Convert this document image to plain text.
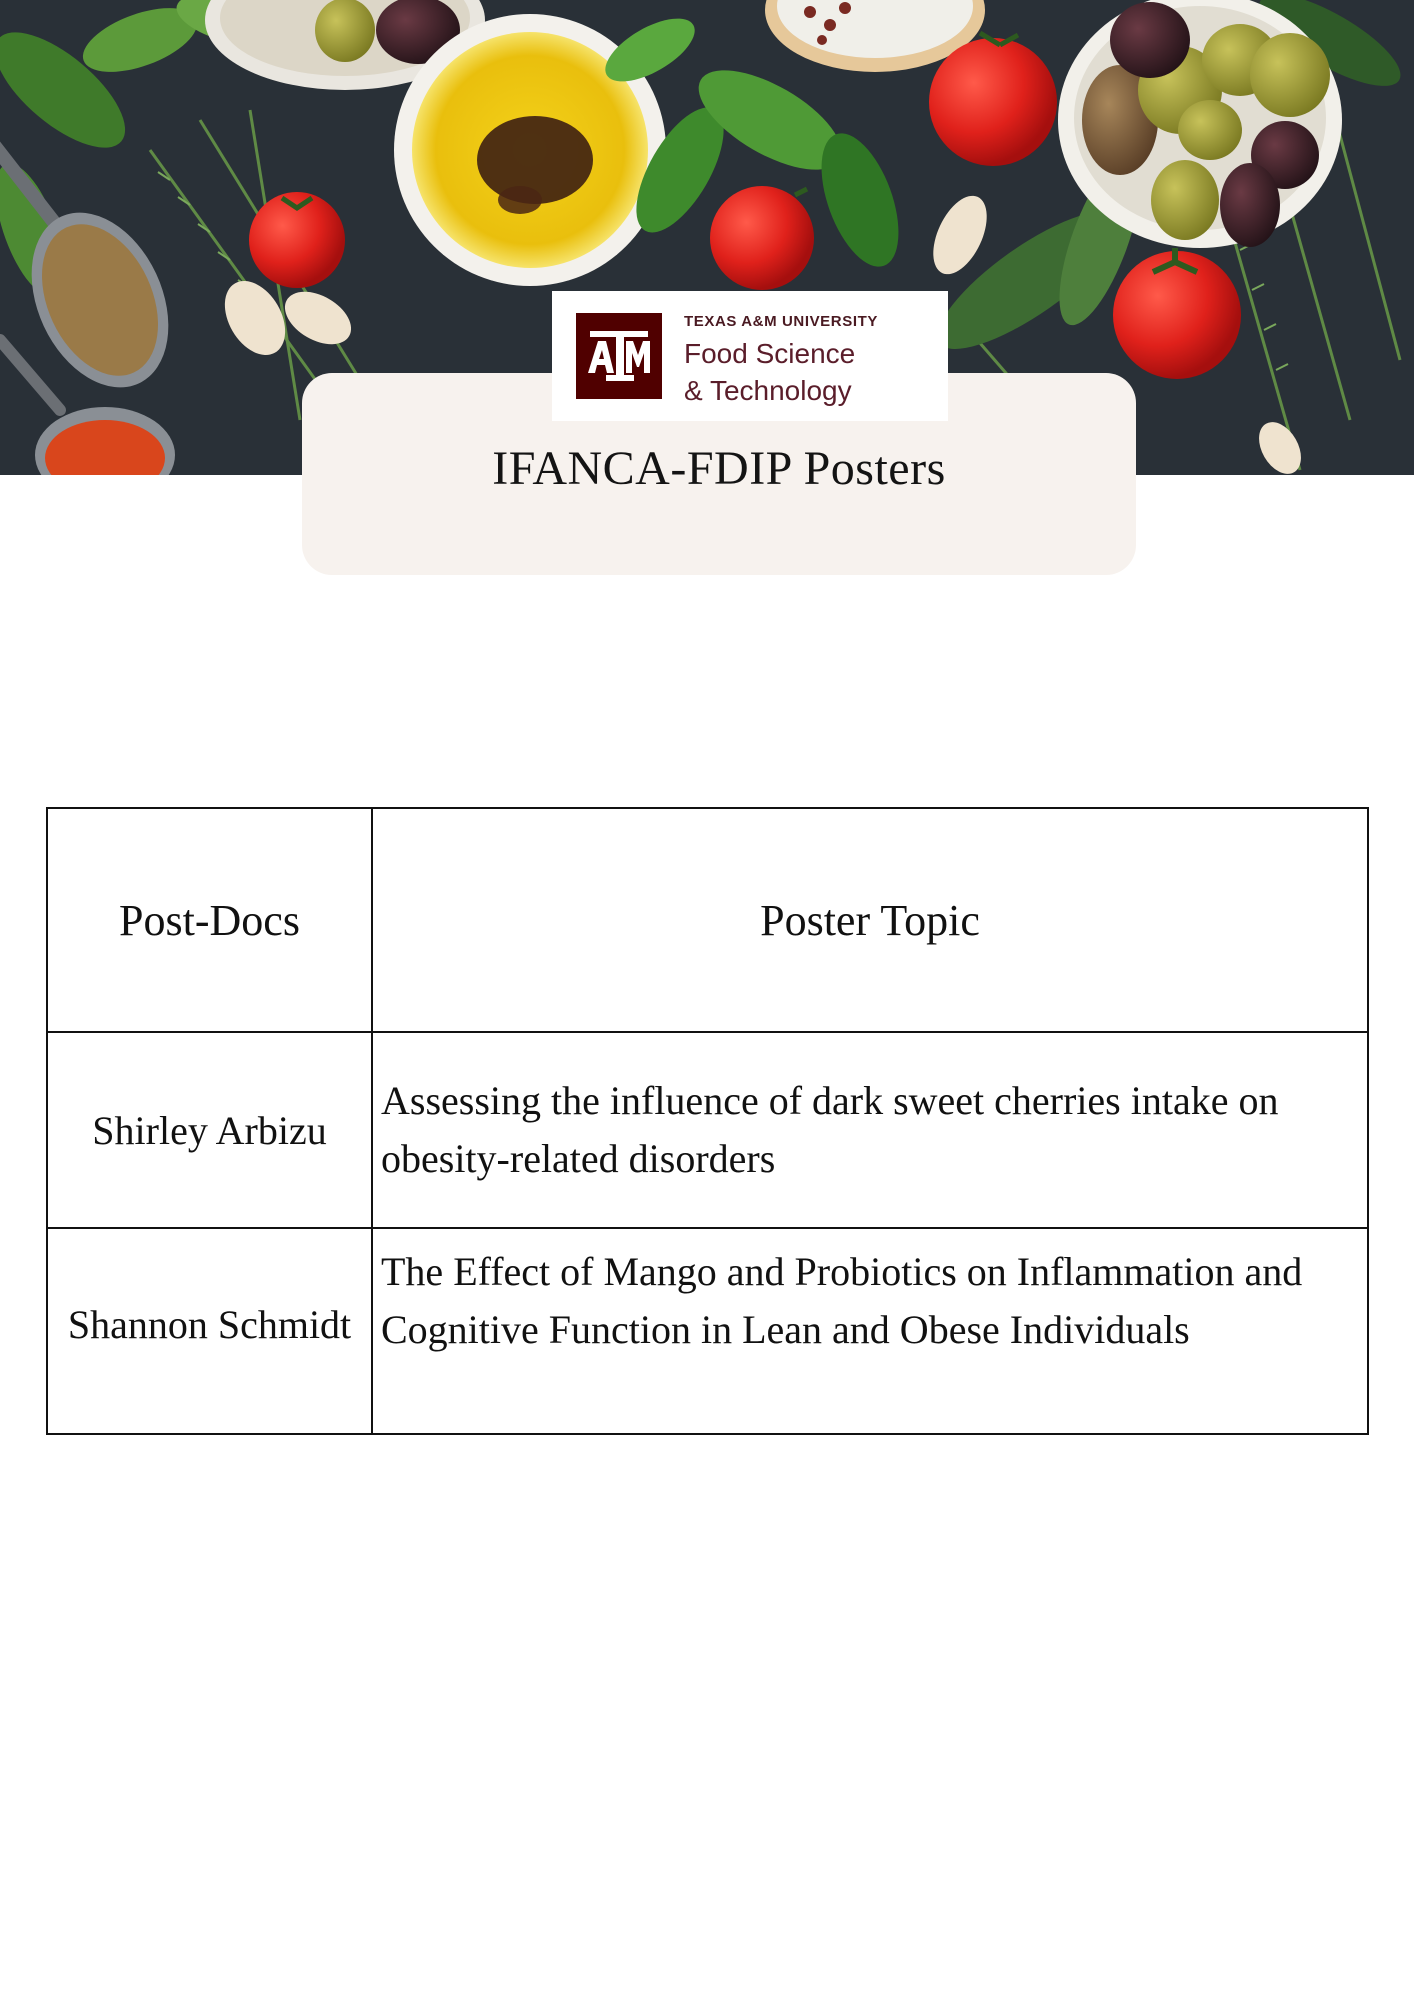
IFANCA-FDIP Posters
TEXAS A&M UNIVERSITY
Food Science
& Technology
Post-Docs	Poster Topic
Shirley Arbizu	Assessing the influence of dark sweet cherries intake on obesity-related disorders
Shannon Schmidt	The Effect of Mango and Probiotics on Inflammation and Cognitive Function in Lean and Obese Individuals
